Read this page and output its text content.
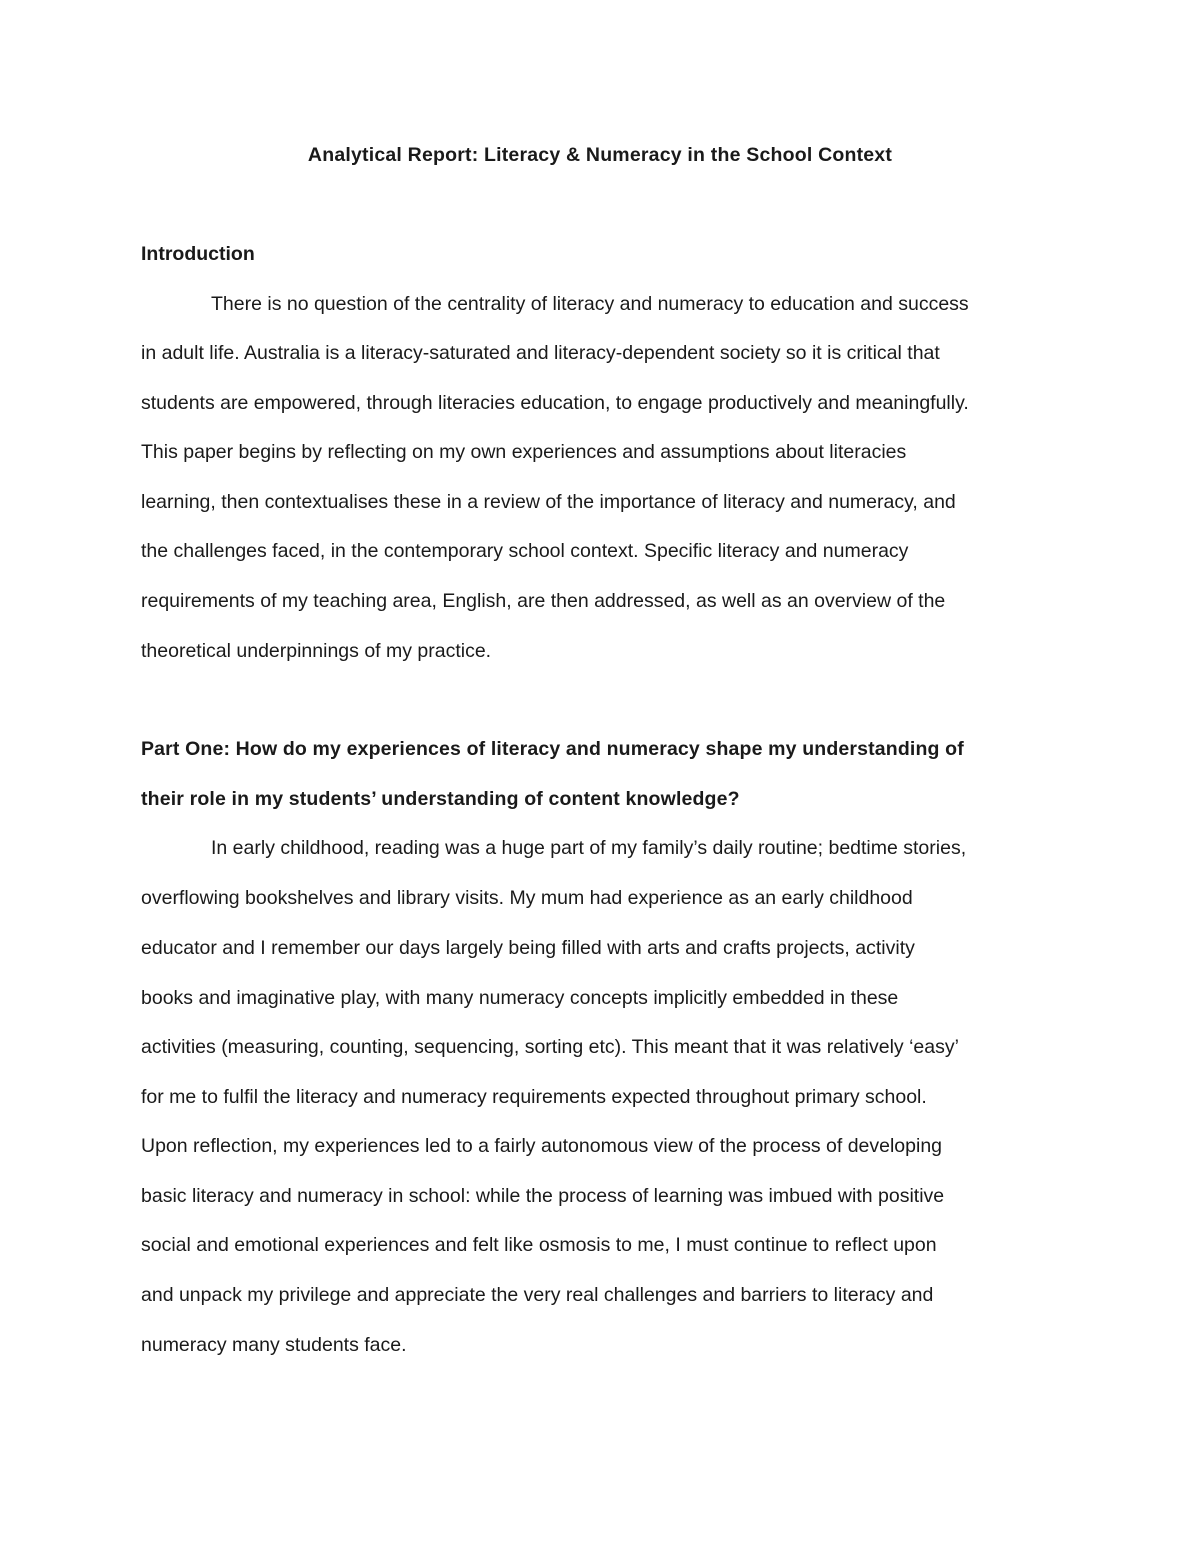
Analytical Report: Literacy & Numeracy in the School Context
Introduction

There is no question of the centrality of literacy and numeracy to education and success

in adult life. Australia is a literacy-saturated and literacy-dependent society so it is critical that

students are empowered, through literacies education, to engage productively and meaningfully.

This paper begins by reflecting on my own experiences and assumptions about literacies

learning, then contextualises these in a review of the importance of literacy and numeracy, and

the challenges faced, in the contemporary school context. Specific literacy and numeracy

requirements of my teaching area, English, are then addressed, as well as an overview of the

theoretical underpinnings of my practice.

Part One: How do my experiences of literacy and numeracy shape my understanding of
their role in my students’ understanding of content knowledge?

In early childhood, reading was a huge part of my family’s daily routine; bedtime stories,

overflowing bookshelves and library visits. My mum had experience as an early childhood

educator and I remember our days largely being filled with arts and crafts projects, activity

books and imaginative play, with many numeracy concepts implicitly embedded in these

activities (measuring, counting, sequencing, sorting etc). This meant that it was relatively ‘easy’

for me to fulfil the literacy and numeracy requirements expected throughout primary school.

Upon reflection, my experiences led to a fairly autonomous view of the process of developing

basic literacy and numeracy in school: while the process of learning was imbued with positive

social and emotional experiences and felt like osmosis to me, I must continue to reflect upon

and unpack my privilege and appreciate the very real challenges and barriers to literacy and

numeracy many students face.
